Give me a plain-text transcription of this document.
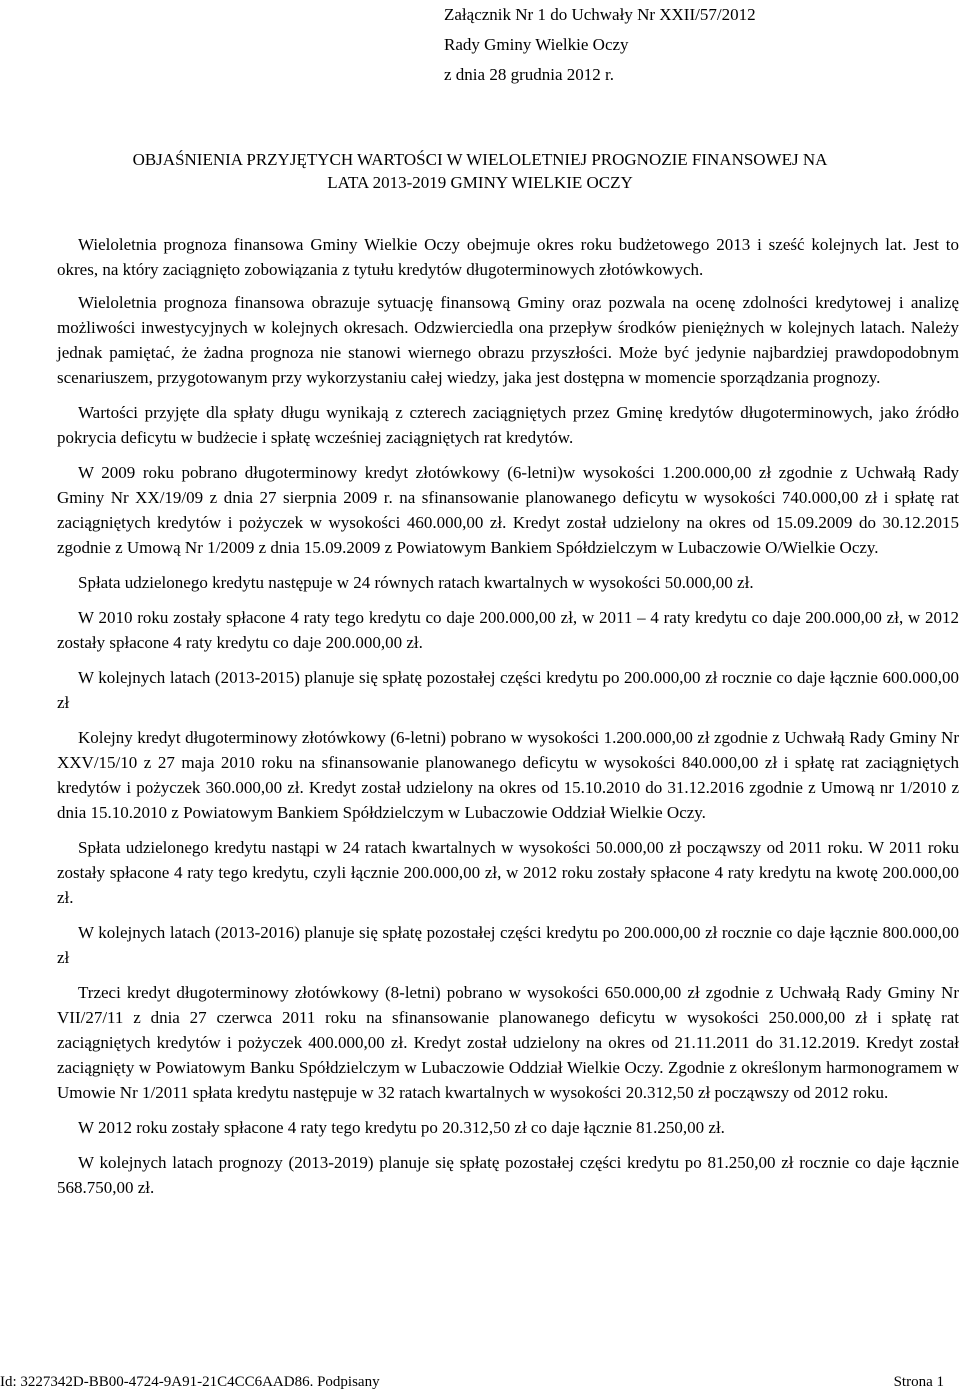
Załącznik Nr 1 do Uchwały Nr XXII/57/2012
Rady Gminy Wielkie Oczy
z dnia 28 grudnia 2012 r.
OBJAŚNIENIA PRZYJĘTYCH WARTOŚCI W WIELOLETNIEJ PROGNOZIE FINANSOWEJ NA
LATA 2013-2019 GMINY WIELKIE OCZY

Wieloletnia prognoza finansowa Gminy Wielkie Oczy obejmuje okres roku budżetowego 2013 i sześć kolejnych lat. Jest to okres, na który zaciągnięto zobowiązania z tytułu kredytów długoterminowych złotówkowych.

Wieloletnia prognoza finansowa obrazuje sytuację finansową Gminy oraz pozwala na ocenę zdolności kredytowej i analizę możliwości inwestycyjnych w kolejnych okresach. Odzwierciedla ona przepływ środków pieniężnych w kolejnych latach. Należy jednak pamiętać, że żadna prognoza nie stanowi wiernego obrazu przyszłości. Może być jedynie najbardziej prawdopodobnym scenariuszem, przygotowanym przy wykorzystaniu całej wiedzy, jaka jest dostępna w momencie sporządzania prognozy.

Wartości przyjęte dla spłaty długu wynikają z czterech zaciągniętych przez Gminę kredytów długoterminowych, jako źródło pokrycia deficytu w budżecie i spłatę wcześniej zaciągniętych rat kredytów.

W 2009 roku pobrano długoterminowy kredyt złotówkowy (6-letni)w wysokości 1.200.000,00 zł zgodnie z Uchwałą Rady Gminy Nr XX/19/09 z dnia 27 sierpnia 2009 r. na sfinansowanie planowanego deficytu w wysokości 740.000,00 zł i spłatę rat zaciągniętych kredytów i pożyczek w wysokości 460.000,00 zł. Kredyt został udzielony na okres od 15.09.2009 do 30.12.2015 zgodnie z Umową Nr 1/2009 z dnia 15.09.2009 z Powiatowym Bankiem Spółdzielczym w Lubaczowie O/Wielkie Oczy.

Spłata udzielonego kredytu następuje w 24 równych ratach kwartalnych w wysokości 50.000,00 zł.

W 2010 roku zostały spłacone 4 raty tego kredytu co daje 200.000,00 zł, w 2011 – 4 raty kredytu co daje 200.000,00 zł, w 2012 zostały spłacone 4 raty kredytu co daje 200.000,00 zł.

W kolejnych latach (2013-2015) planuje się spłatę pozostałej części kredytu po 200.000,00 zł rocznie co daje łącznie 600.000,00 zł

Kolejny kredyt długoterminowy złotówkowy (6-letni) pobrano w wysokości 1.200.000,00 zł zgodnie z Uchwałą Rady Gminy Nr XXV/15/10 z 27 maja 2010 roku na sfinansowanie planowanego deficytu w wysokości 840.000,00 zł i spłatę rat zaciągniętych kredytów i pożyczek 360.000,00 zł. Kredyt został udzielony na okres od 15.10.2010 do 31.12.2016 zgodnie z Umową nr 1/2010 z dnia 15.10.2010 z Powiatowym Bankiem Spółdzielczym w Lubaczowie Oddział Wielkie Oczy.

Spłata udzielonego kredytu nastąpi w 24 ratach kwartalnych w wysokości 50.000,00 zł począwszy od 2011 roku. W 2011 roku zostały spłacone 4 raty tego kredytu, czyli łącznie 200.000,00 zł, w 2012 roku zostały spłacone 4 raty kredytu na kwotę 200.000,00 zł.

W kolejnych latach (2013-2016) planuje się spłatę pozostałej części kredytu po 200.000,00 zł rocznie co daje łącznie 800.000,00 zł

Trzeci kredyt długoterminowy złotówkowy (8-letni) pobrano w wysokości 650.000,00 zł zgodnie z Uchwałą Rady Gminy Nr VII/27/11 z dnia 27 czerwca 2011 roku na sfinansowanie planowanego deficytu w wysokości 250.000,00 zł i spłatę rat zaciągniętych kredytów i pożyczek 400.000,00 zł. Kredyt został udzielony na okres od 21.11.2011 do 31.12.2019. Kredyt został zaciągnięty w Powiatowym Banku Spółdzielczym w Lubaczowie Oddział Wielkie Oczy. Zgodnie z określonym harmonogramem w Umowie Nr 1/2011 spłata kredytu następuje w 32 ratach kwartalnych w wysokości 20.312,50 zł począwszy od 2012 roku.

W 2012 roku zostały spłacone 4 raty tego kredytu po 20.312,50 zł co daje łącznie 81.250,00 zł.

W kolejnych latach prognozy (2013-2019) planuje się spłatę pozostałej części kredytu po 81.250,00 zł rocznie co daje łącznie 568.750,00 zł.

Id: 3227342D-BB00-4724-9A91-21C4CC6AAD86. Podpisany	Strona 1
